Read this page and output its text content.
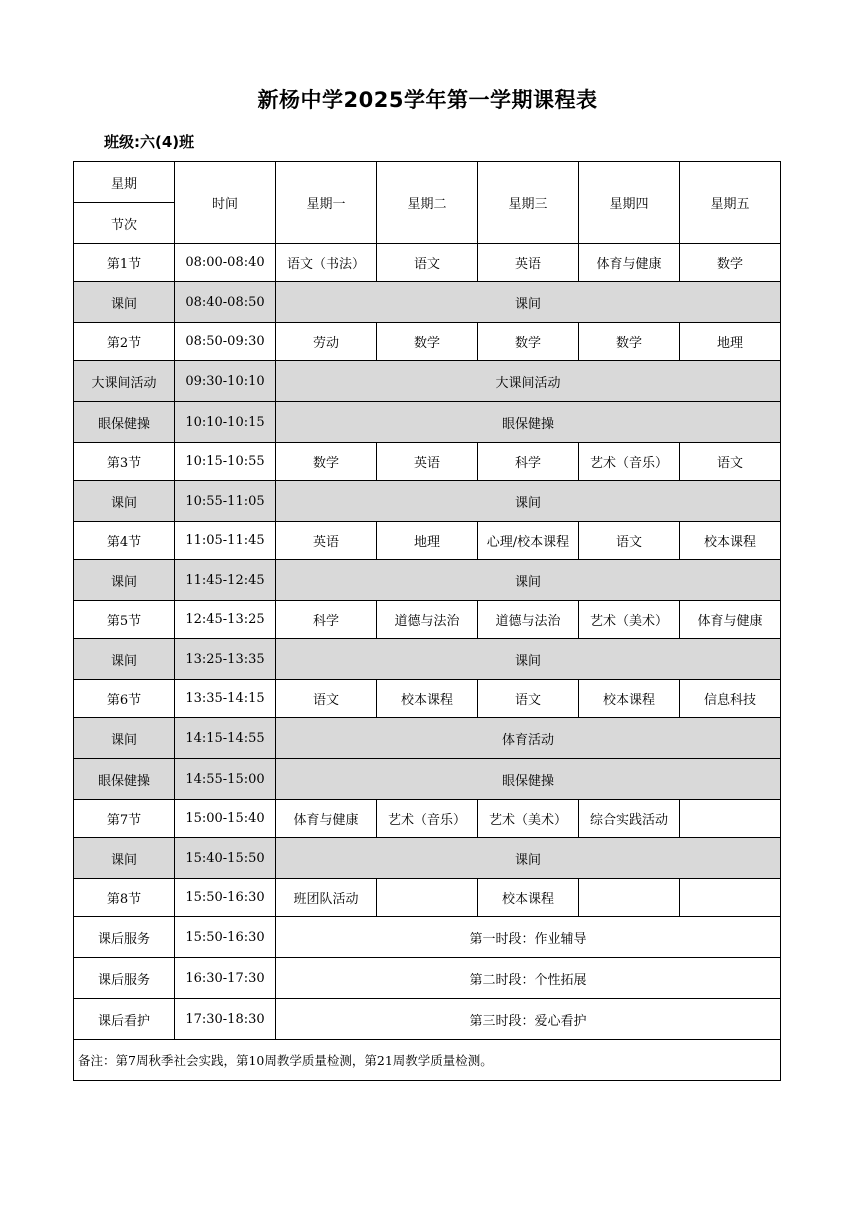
新杨中学2025学年第一学期课程表
班级:六(4)班
星期	时间	星期一	星期二	星期三	星期四	星期五
节次						
第1节	08:00-08:40	语文（书法）	语文	英语	体育与健康	数学
课间	08:40-08:50	课间				
第2节	08:50-09:30	劳动	数学	数学	数学	地理
大课间活动	09:30-10:10	大课间活动				
眼保健操	10:10-10:15	眼保健操				
第3节	10:15-10:55	数学	英语	科学	艺术（音乐）	语文
课间	10:55-11:05	课间				
第4节	11:05-11:45	英语	地理	心理/校本课程	语文	校本课程
课间	11:45-12:45	课间				
第5节	12:45-13:25	科学	道德与法治	道德与法治	艺术（美术）	体育与健康
课间	13:25-13:35	课间				
第6节	13:35-14:15	语文	校本课程	语文	校本课程	信息科技
课间	14:15-14:55	体育活动				
眼保健操	14:55-15:00	眼保健操				
第7节	15:00-15:40	体育与健康	艺术（音乐）	艺术（美术）	综合实践活动	
课间	15:40-15:50	课间				
第8节	15:50-16:30	班团队活动		校本课程		
课后服务	15:50-16:30	第一时段：作业辅导				
课后服务	16:30-17:30	第二时段：个性拓展				
课后看护	17:30-18:30	第三时段：爱心看护				
备注：第7周秋季社会实践，第10周教学质量检测，第21周教学质量检测。						
